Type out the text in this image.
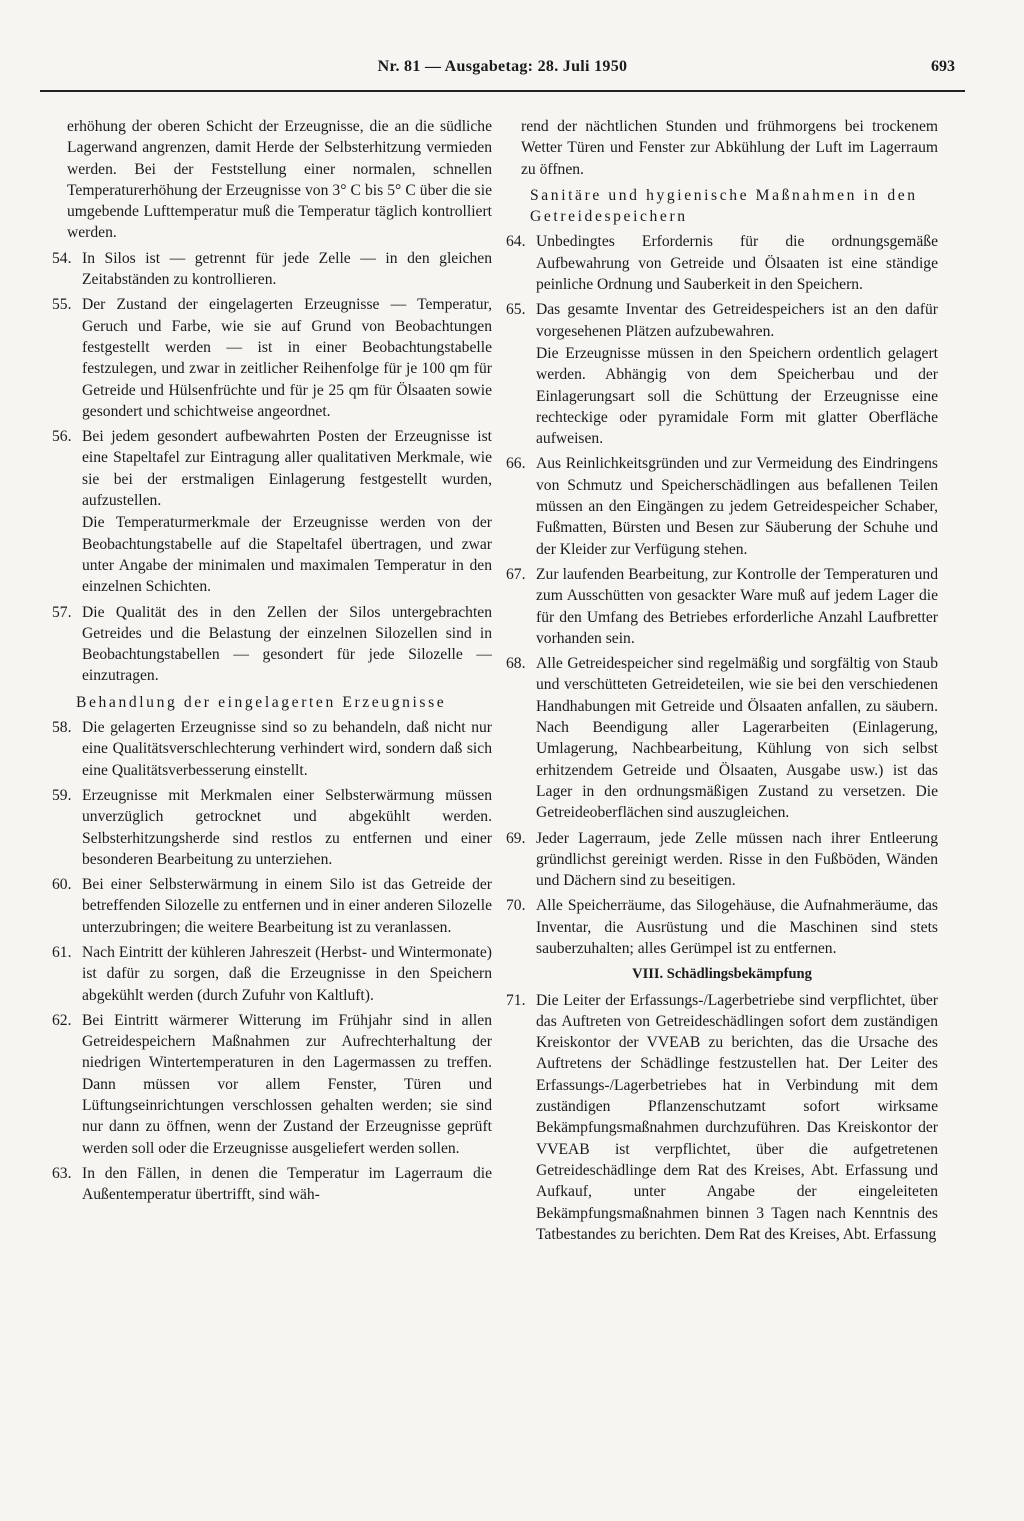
Nr. 81 — Ausgabetag: 28. Juli 1950	693

erhöhung der oberen Schicht der Erzeugnisse, die an die südliche Lagerwand angrenzen, damit Herde der Selbsterhitzung vermieden werden. Bei der Feststellung einer normalen, schnellen Temperaturerhöhung der Erzeugnisse von 3° C bis 5° C über die sie umgebende Lufttemperatur muß die Temperatur täglich kontrolliert werden.

54. In Silos ist — getrennt für jede Zelle — in den gleichen Zeitabständen zu kontrollieren.
55. Der Zustand der eingelagerten Erzeugnisse — Temperatur, Geruch und Farbe, wie sie auf Grund von Beobachtungen festgestellt werden — ist in einer Beobachtungstabelle festzulegen, und zwar in zeitlicher Reihenfolge für je 100 qm für Getreide und Hülsenfrüchte und für je 25 qm für Ölsaaten sowie gesondert und schichtweise angeordnet.
56. Bei jedem gesondert aufbewahrten Posten der Erzeugnisse ist eine Stapeltafel zur Eintragung aller qualitativen Merkmale, wie sie bei der erstmaligen Einlagerung festgestellt wurden, aufzustellen.

Die Temperaturmerkmale der Erzeugnisse werden von der Beobachtungstabelle auf die Stapeltafel übertragen, und zwar unter Angabe der minimalen und maximalen Temperatur in den einzelnen Schichten.

57. Die Qualität des in den Zellen der Silos untergebrachten Getreides und die Belastung der einzelnen Silozellen sind in Beobachtungstabellen — gesondert für jede Silozelle — einzutragen.

Behandlung der eingelagerten Erzeugnisse

58. Die gelagerten Erzeugnisse sind so zu behandeln, daß nicht nur eine Qualitätsverschlechterung verhindert wird, sondern daß sich eine Qualitätsverbesserung einstellt.
59. Erzeugnisse mit Merkmalen einer Selbsterwärmung müssen unverzüglich getrocknet und abgekühlt werden. Selbsterhitzungsherde sind restlos zu entfernen und einer besonderen Bearbeitung zu unterziehen.
60. Bei einer Selbsterwärmung in einem Silo ist das Getreide der betreffenden Silozelle zu entfernen und in einer anderen Silozelle unterzubringen; die weitere Bearbeitung ist zu veranlassen.
61. Nach Eintritt der kühleren Jahreszeit (Herbst- und Wintermonate) ist dafür zu sorgen, daß die Erzeugnisse in den Speichern abgekühlt werden (durch Zufuhr von Kaltluft).
62. Bei Eintritt wärmerer Witterung im Frühjahr sind in allen Getreidespeichern Maßnahmen zur Aufrechterhaltung der niedrigen Wintertemperaturen in den Lagermassen zu treffen. Dann müssen vor allem Fenster, Türen und Lüftungseinrichtungen verschlossen gehalten werden; sie sind nur dann zu öffnen, wenn der Zustand der Erzeugnisse geprüft werden soll oder die Erzeugnisse ausgeliefert werden sollen.
63. In den Fällen, in denen die Temperatur im Lagerraum die Außentemperatur übertrifft, sind wäh-

rend der nächtlichen Stunden und frühmorgens bei trockenem Wetter Türen und Fenster zur Abkühlung der Luft im Lagerraum zu öffnen.

Sanitäre und hygienische Maßnahmen in den Getreidespeichern

64. Unbedingtes Erfordernis für die ordnungsgemäße Aufbewahrung von Getreide und Ölsaaten ist eine ständige peinliche Ordnung und Sauberkeit in den Speichern.
65. Das gesamte Inventar des Getreidespeichers ist an den dafür vorgesehenen Plätzen aufzubewahren.

Die Erzeugnisse müssen in den Speichern ordentlich gelagert werden. Abhängig von dem Speicherbau und der Einlagerungsart soll die Schüttung der Erzeugnisse eine rechteckige oder pyramidale Form mit glatter Oberfläche aufweisen.

66. Aus Reinlichkeitsgründen und zur Vermeidung des Eindringens von Schmutz und Speicherschädlingen aus befallenen Teilen müssen an den Eingängen zu jedem Getreidespeicher Schaber, Fußmatten, Bürsten und Besen zur Säuberung der Schuhe und der Kleider zur Verfügung stehen.
67. Zur laufenden Bearbeitung, zur Kontrolle der Temperaturen und zum Ausschütten von gesackter Ware muß auf jedem Lager die für den Umfang des Betriebes erforderliche Anzahl Laufbretter vorhanden sein.
68. Alle Getreidespeicher sind regelmäßig und sorgfältig von Staub und verschütteten Getreideteilen, wie sie bei den verschiedenen Handhabungen mit Getreide und Ölsaaten anfallen, zu säubern. Nach Beendigung aller Lagerarbeiten (Einlagerung, Umlagerung, Nachbearbeitung, Kühlung von sich selbst erhitzendem Getreide und Ölsaaten, Ausgabe usw.) ist das Lager in den ordnungsmäßigen Zustand zu versetzen. Die Getreideoberflächen sind auszugleichen.
69. Jeder Lagerraum, jede Zelle müssen nach ihrer Entleerung gründlichst gereinigt werden. Risse in den Fußböden, Wänden und Dächern sind zu beseitigen.
70. Alle Speicherräume, das Silogehäuse, die Aufnahmeräume, das Inventar, die Ausrüstung und die Maschinen sind stets sauberzuhalten; alles Gerümpel ist zu entfernen.

VIII. Schädlingsbekämpfung

71. Die Leiter der Erfassungs-/Lagerbetriebe sind verpflichtet, über das Auftreten von Getreideschädlingen sofort dem zuständigen Kreiskontor der VVEAB zu berichten, das die Ursache des Auftretens der Schädlinge festzustellen hat. Der Leiter des Erfassungs-/Lagerbetriebes hat in Verbindung mit dem zuständigen Pflanzenschutzamt sofort wirksame Bekämpfungsmaßnahmen durchzuführen. Das Kreiskontor der VVEAB ist verpflichtet, über die aufgetretenen Getreideschädlinge dem Rat des Kreises, Abt. Erfassung und Aufkauf, unter Angabe der eingeleiteten Bekämpfungsmaßnahmen binnen 3 Tagen nach Kenntnis des Tatbestandes zu berichten. Dem Rat des Kreises, Abt. Erfassung
